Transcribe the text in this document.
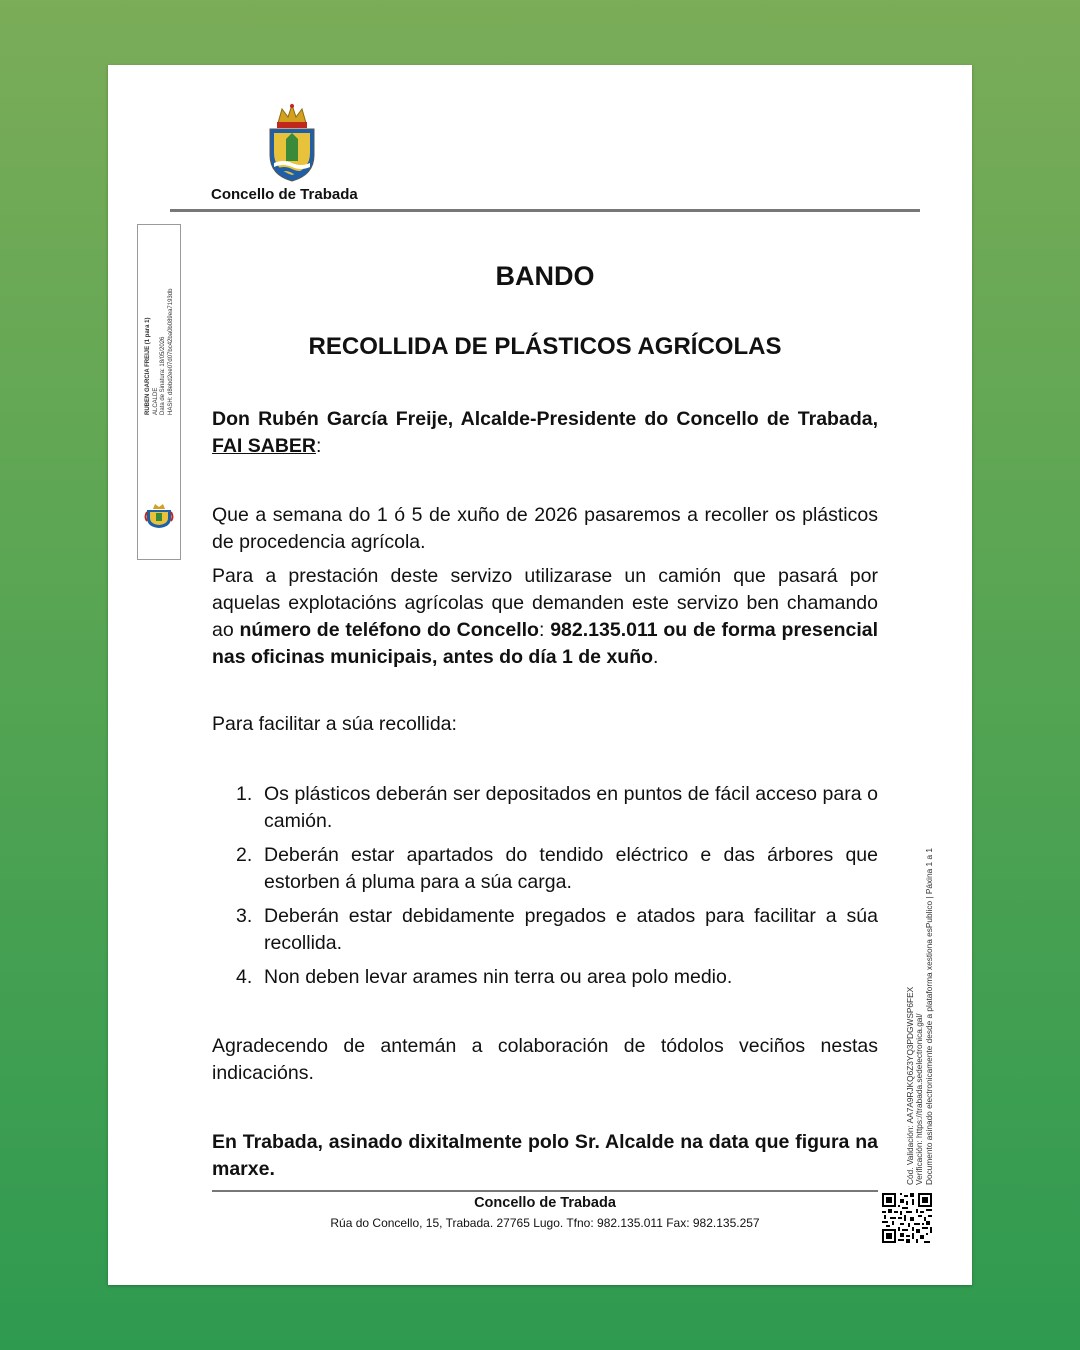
Concello de Trabada
RUBEN GARCIA FREIJE (1 para 1) ALCALDE Data de Sinatura: 18/05/2026 HASH: d8ebd2ee07d07bc42ba0b089ea7193db
BANDO
RECOLLIDA DE PLÁSTICOS AGRÍCOLAS
Don Rubén García Freije, Alcalde-Presidente do Concello de Trabada, FAI SABER:
Que a semana do 1 ó 5 de xuño de 2026 pasaremos a recoller os plásticos de procedencia agrícola.
Para a prestación deste servizo utilizarase un camión que pasará por aquelas explotacións agrícolas que demanden este servizo ben chamando ao número de teléfono do Concello: 982.135.011 ou de forma presencial nas oficinas municipais, antes do día 1 de xuño.
Para facilitar a súa recollida:
1. Os plásticos deberán ser depositados en puntos de fácil acceso para o camión.
2. Deberán estar apartados do tendido eléctrico e das árbores que estorben á pluma para a súa carga.
3. Deberán estar debidamente pregados e atados para facilitar a súa recollida.
4. Non deben levar arames nin terra ou area polo medio.
Agradecendo de antemán a colaboración de tódolos veciños nestas indicacións.
En Trabada, asinado dixitalmente polo Sr. Alcalde na data que figura na marxe.
Concello de Trabada
Rúa do Concello, 15, Trabada. 27765 Lugo. Tfno: 982.135.011 Fax: 982.135.257
Cód. Validación: AA7A9RJKQ6Z3YQ3PDGWSP6FEX Verificación: https://trabada.sedelectronica.gal/ Documento asinado electronicamente desde a plataforma xestiona esPublico | Páxina 1 a 1
